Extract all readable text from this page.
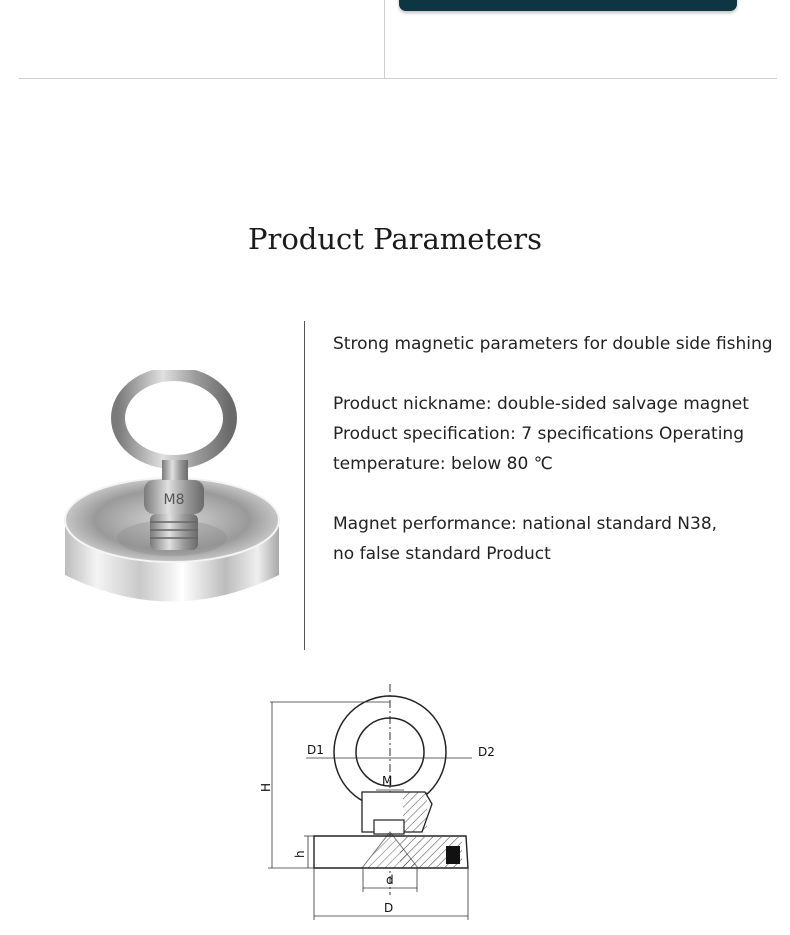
Product Parameters
M8

Strong magnetic parameters for double side fishing

Product nickname: double-sided salvage magnet

Product specification: 7 specifications Operating

temperature: below 80 ℃

Magnet performance: national standard N38,

no false standard Product

D1	D2
M
H
h
d
D
